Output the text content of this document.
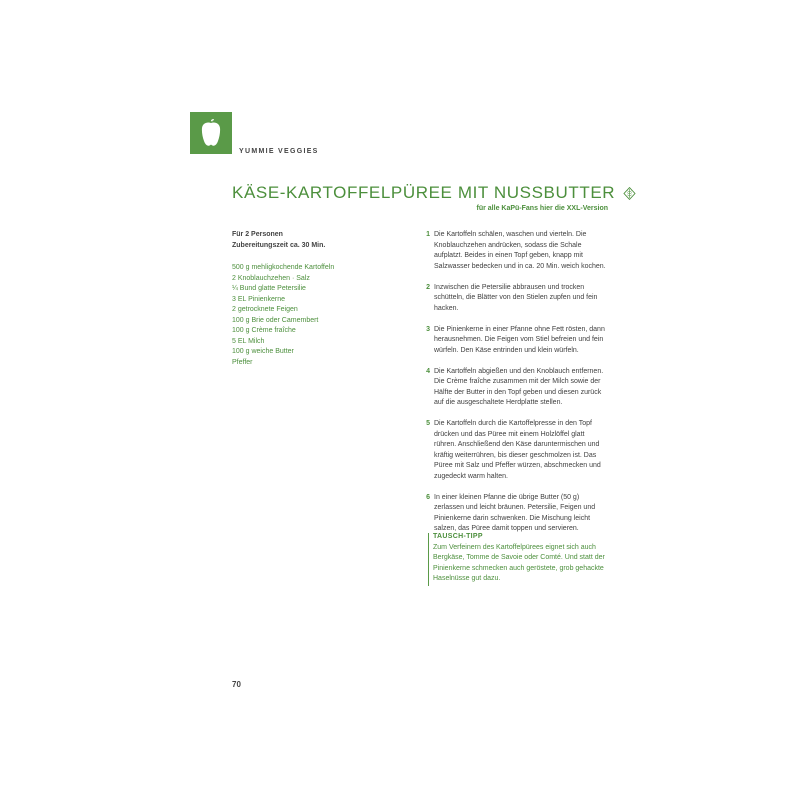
YUMMIE VEGGIES
KÄSE-KARTOFFELPÜREE MIT NUSSBUTTER
für alle KaPü-Fans hier die XXL-Version
Für 2 Personen
Zubereitungszeit ca. 30 Min.
500 g mehligkochende Kartoffeln
2 Knoblauchzehen · Salz
¼ Bund glatte Petersilie
3 EL Pinienkerne
2 getrocknete Feigen
100 g Brie oder Camembert
100 g Crème fraîche
5 EL Milch
100 g weiche Butter
Pfeffer
1 Die Kartoffeln schälen, waschen und vierteln. Die Knoblauchzehen andrücken, sodass die Schale aufplatzt. Beides in einen Topf geben, knapp mit Salzwasser bedecken und in ca. 20 Min. weich kochen.
2 Inzwischen die Petersilie abbrausen und trocken schütteln, die Blätter von den Stielen zupfen und fein hacken.
3 Die Pinienkerne in einer Pfanne ohne Fett rösten, dann herausnehmen. Die Feigen vom Stiel befreien und fein würfeln. Den Käse entrinden und klein würfeln.
4 Die Kartoffeln abgießen und den Knoblauch entfernen. Die Crème fraîche zusammen mit der Milch sowie der Hälfte der Butter in den Topf geben und diesen zurück auf die ausgeschaltete Herdplatte stellen.
5 Die Kartoffeln durch die Kartoffelpresse in den Topf drücken und das Püree mit einem Holzlöffel glatt rühren. Anschließend den Käse daruntermischen und kräftig weiterrühren, bis dieser geschmolzen ist. Das Püree mit Salz und Pfeffer würzen, abschmecken und zugedeckt warm halten.
6 In einer kleinen Pfanne die übrige Butter (50 g) zerlassen und leicht bräunen. Petersilie, Feigen und Pinienkerne darin schwenken. Die Mischung leicht salzen, das Püree damit toppen und servieren.
TAUSCH-TIPP
Zum Verfeinern des Kartoffelpürees eignet sich auch Bergkäse, Tomme de Savoie oder Comté. Und statt der Pinienkerne schmecken auch geröstete, grob gehackte Haselnüsse gut dazu.
70
